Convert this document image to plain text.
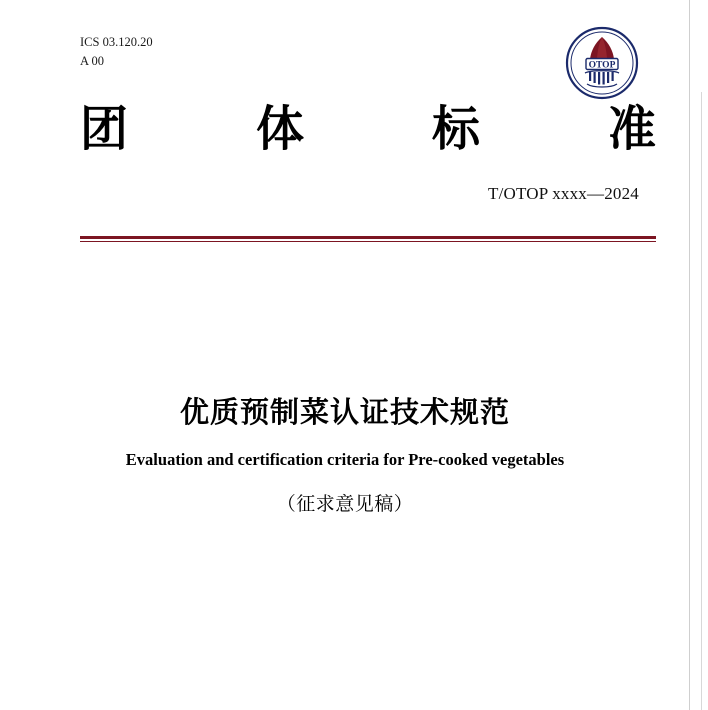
ICS 03.120.20
A 00	OTOP
团	体	标	准
T/OTOP xxxx—2024
优质预制菜认证技术规范
Evaluation and certification criteria for Pre-cooked vegetables
（征求意见稿）
